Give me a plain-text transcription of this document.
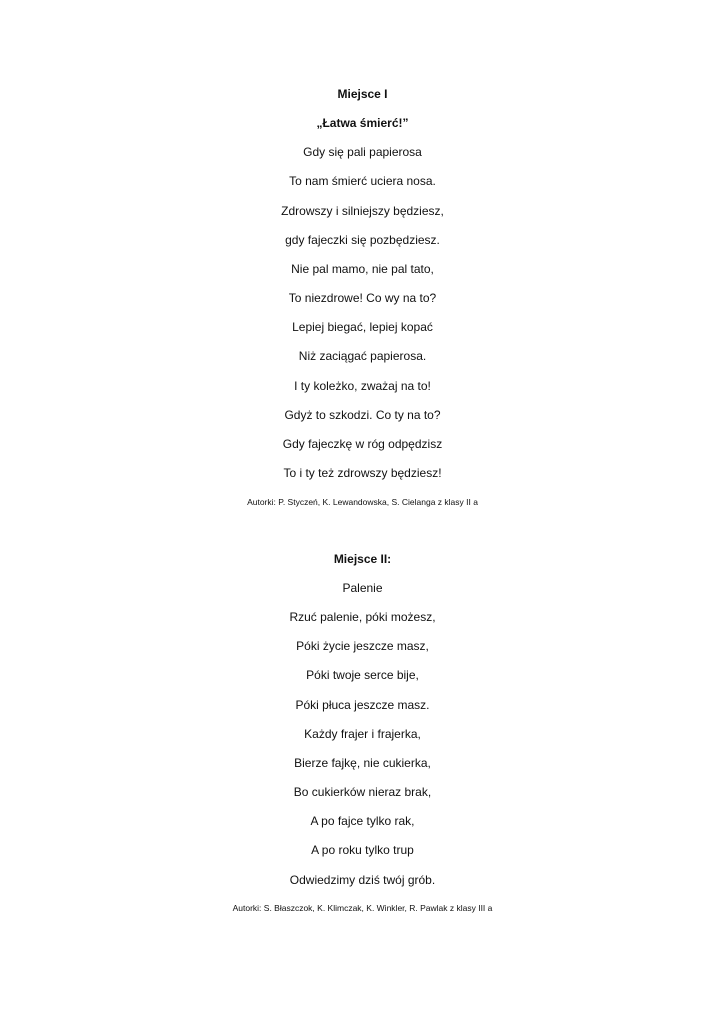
Miejsce I
„Łatwa śmierć!”
Gdy się pali papierosa
To nam śmierć uciera nosa.
Zdrowszy i silniejszy będziesz,
gdy fajeczki się pozbędziesz.
Nie pal mamo, nie pal tato,
To niezdrowe! Co wy na to?
Lepiej biegać, lepiej kopać
Niż zaciągać papierosa.
I ty koleżko, zważaj na to!
Gdyż to szkodzi. Co ty na to?
Gdy fajeczkę w róg odpędzisz
To i ty też zdrowszy będziesz!
Autorki: P. Styczeń, K. Lewandowska, S. Cielanga z klasy II a
Miejsce II:
Palenie
Rzuć palenie, póki możesz,
Póki życie jeszcze masz,
Póki twoje serce bije,
Póki płuca jeszcze masz.
Każdy frajer i frajerka,
Bierze fajkę, nie cukierka,
Bo cukierków nieraz brak,
A po fajce tylko rak,
A po roku tylko trup
Odwiedzimy dziś twój grób.
Autorki: S. Błaszczok, K. Klimczak, K. Winkler, R. Pawlak z klasy III a
